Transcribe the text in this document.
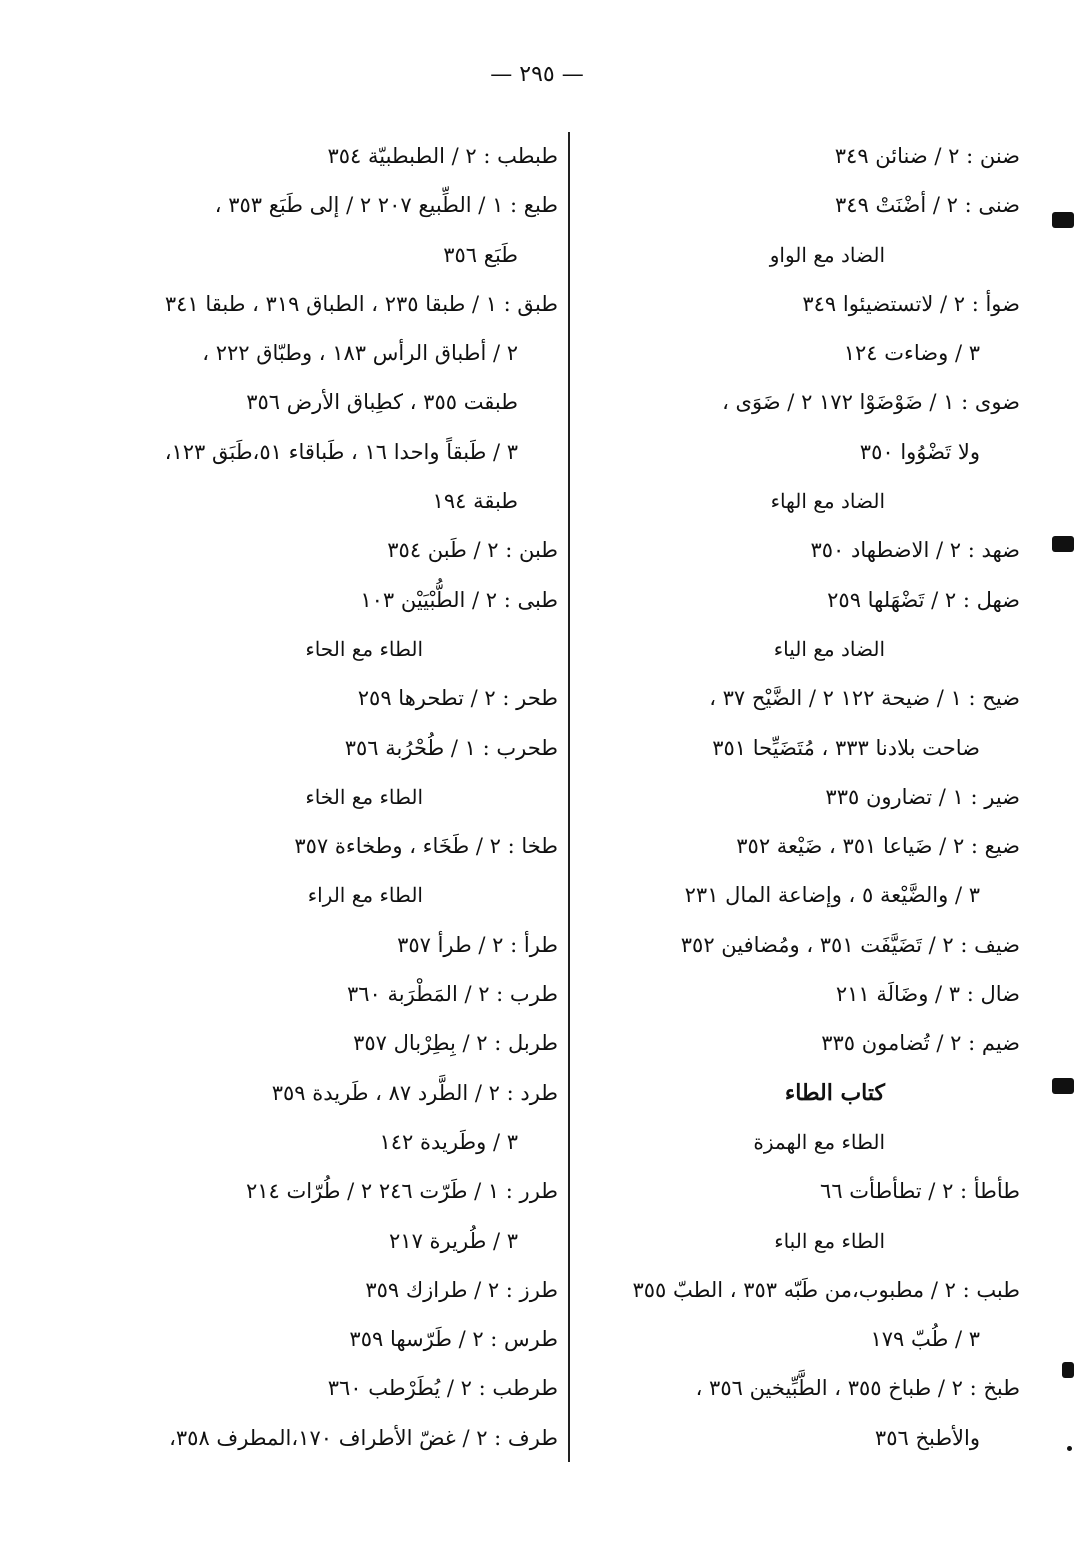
— ٢٩٥ —
ضنن : ٢ / ضنائن ٣٤٩
ضنى : ٢ / أضْنَتْ ٣٤٩
الضاد مع الواو
ضوأ : ٢ / لاتستضيئوا ٣٤٩
٣ / وضاءت ١٢٤
ضوى : ١ / ضَوْضَوْا ١٧٢ ٢ / ضَوَى ،
ولا تَضْوُوا ٣٥٠
الضاد مع الهاء
ضهد : ٢ / الاضطهاد ٣٥٠
ضهل : ٢ / تَضْهَلها ٢٥٩
الضاد مع الياء
ضيح : ١ / ضيحة ١٢٢ ٢ / الضَّيْح ٣٧ ،
ضاحت بلادنا ٣٣٣ ، مُتَضَيِّحا ٣٥١
ضير : ١ / تضارون ٣٣٥
ضيع : ٢ / ضَياعا ٣٥١ ، ضَيْعة ٣٥٢
٣ / والضَّيْعة ٥ ، وإضاعة المال ٢٣١
ضيف : ٢ / تَضَيَّفَت ٣٥١ ، ومُضافين ٣٥٢
ضال : ٣ / وضَالَة ٢١١
ضيم : ٢ / تُضامون ٣٣٥
كتاب الطاء
الطاء مع الهمزة
طأطأ : ٢ / تطأطأت ٦٦
الطاء مع الباء
طبب : ٢ / مطبوب،من طَبّه ٣٥٣ ، الطبّ ٣٥٥
٣ / طُبّ ١٧٩
طبخ : ٢ / طباخ ٣٥٥ ، الطَّبِّيخين ٣٥٦ ،
والأطبخ ٣٥٦
طبطب : ٢ / الطبطبيّة ٣٥٤
طبع : ١ / الطِّبيع ٢٠٧ ٢ / إلى طَبَع ٣٥٣ ،
طَبَع ٣٥٦
طبق : ١ / طبقا ٢٣٥ ، الطباق ٣١٩ ، طبقا ٣٤١
٢ / أطباق الرأس ١٨٣ ، وطبّاق ٢٢٢ ،
طبقت ٣٥٥ ، كطِباق الأرض ٣٥٦
٣ / طَبقاً واحدا ١٦ ، طَباقاء ٥١،طَبَق ١٢٣،
طبقة ١٩٤
طبن : ٢ / طَبن ٣٥٤
طبى : ٢ / الطُّبْيَيْن ١٠٣
الطاء مع الحاء
طحر : ٢ / تطحرها ٢٥٩
طحرب : ١ / طُحْرُبة ٣٥٦
الطاء مع الخاء
طخا : ٢ / طَخَاء ، وطخاءة ٣٥٧
الطاء مع الراء
طرأ : ٢ / طرأ ٣٥٧
طرب : ٢ / المَطْرَبة ٣٦٠
طربل : ٢ / بِطِرْبال ٣٥٧
طرد : ٢ / الطَّرد ٨٧ ، طَريدة ٣٥٩
٣ / وطَريدة ١٤٢
طرر : ١ / طَرّت ٢٤٦ ٢ / طُرّات ٢١٤
٣ / طُريرة ٢١٧
طرز : ٢ / طرازك ٣٥٩
طرس : ٢ / طَرّسها ٣٥٩
طرطب : ٢ / يُطَرْطب ٣٦٠
طرف : ٢ / غضّ الأطراف ١٧٠،المطرف ٣٥٨،
